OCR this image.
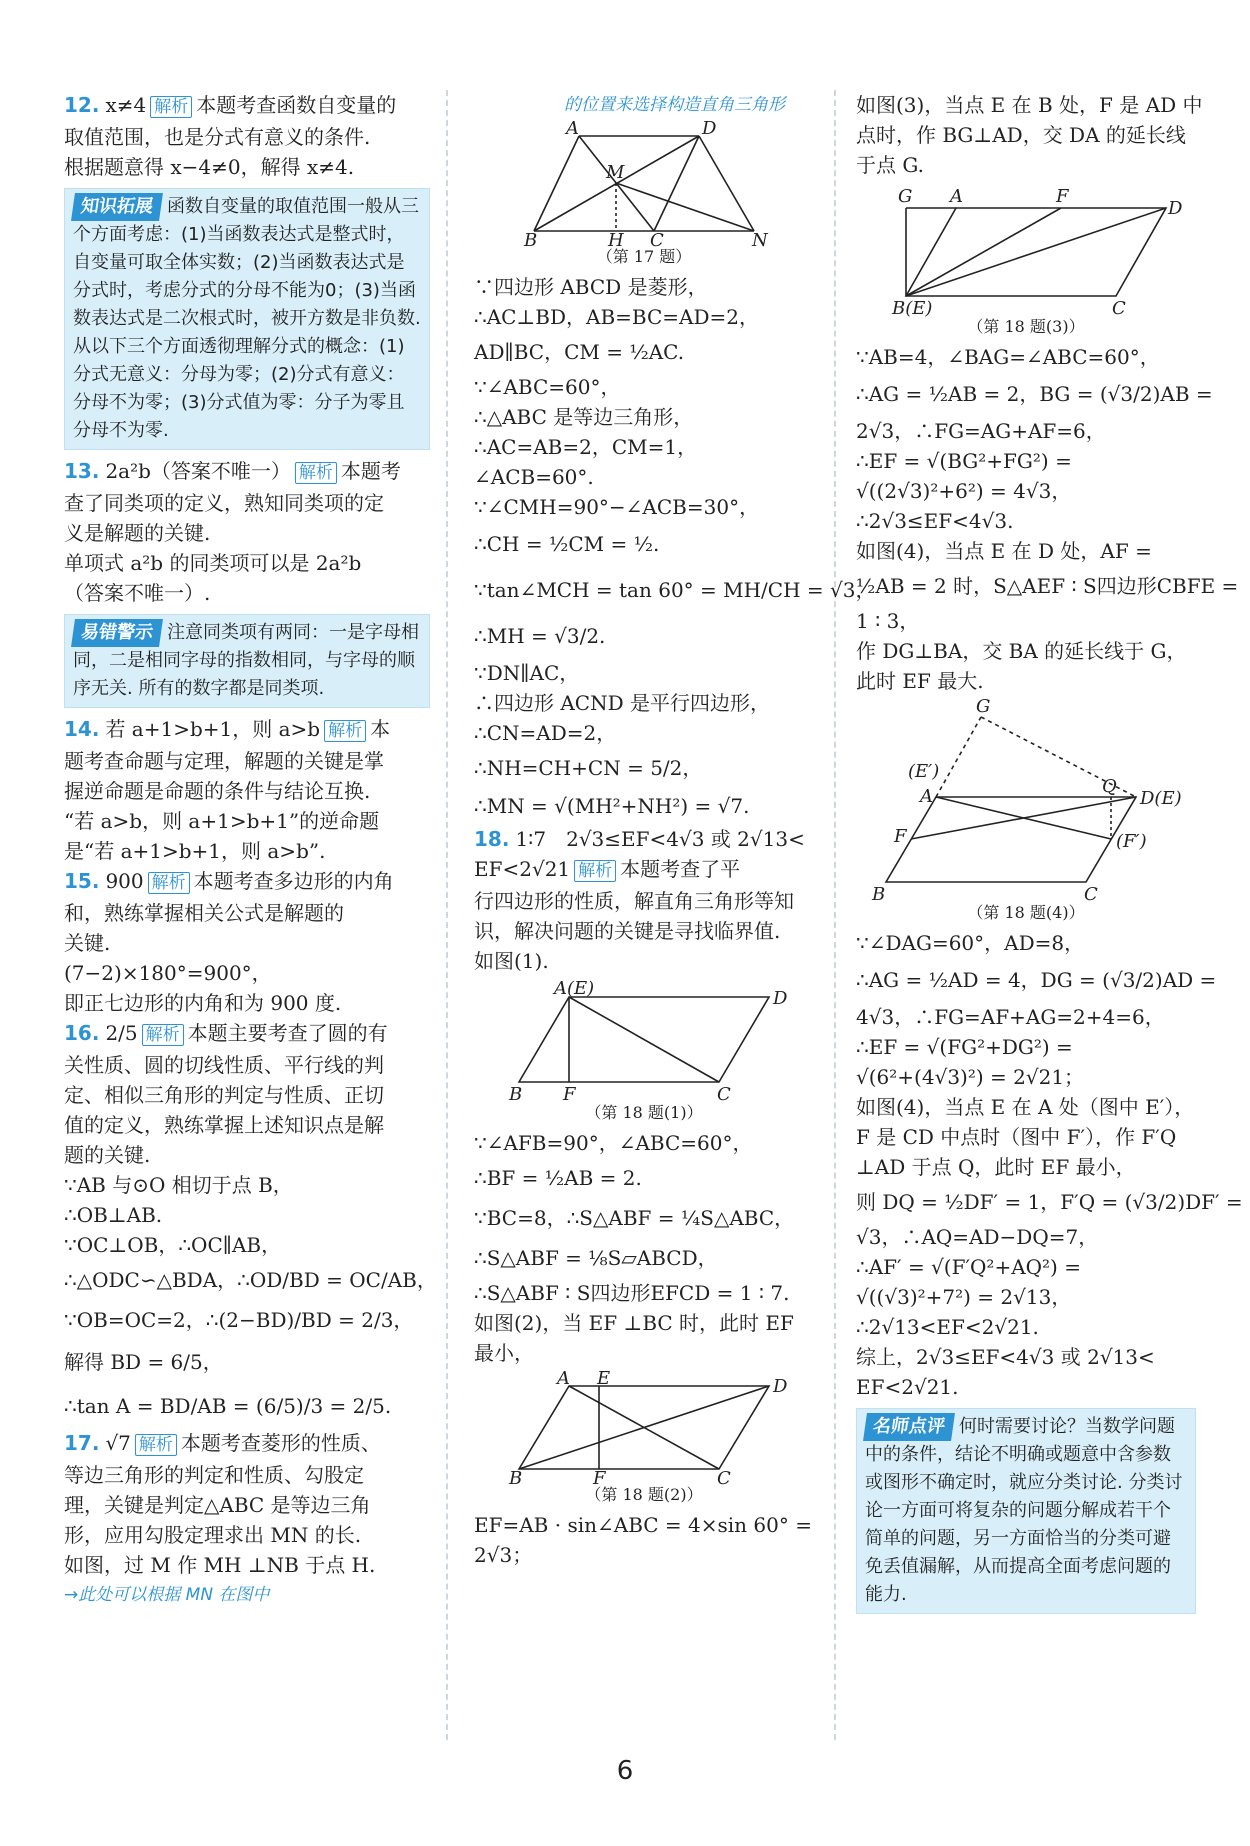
12. x≠4 解析 本题考查函数自变量的

取值范围，也是分式有意义的条件.

根据题意得 x−4≠0，解得 x≠4.

知识拓展 函数自变量的取值范围一般从三个方面考虑：(1)当函数表达式是整式时，自变量可取全体实数；(2)当函数表达式是分式时，考虑分式的分母不能为0；(3)当函数表达式是二次根式时，被开方数是非负数. 从以下三个方面透彻理解分式的概念：(1)分式无意义：分母为零；(2)分式有意义：分母不为零；(3)分式值为零：分子为零且分母不为零.

13. 2a²b（答案不唯一） 解析 本题考

查了同类项的定义，熟知同类项的定

义是解题的关键.

单项式 a²b 的同类项可以是 2a²b

（答案不唯一）.

易错警示 注意同类项有两同：一是字母相同，二是相同字母的指数相同，与字母的顺序无关. 所有的数字都是同类项.

14. 若 a+1>b+1，则 a>b 解析 本

题考查命题与定理，解题的关键是掌

握逆命题是命题的条件与结论互换.

“若 a>b，则 a+1>b+1”的逆命题

是“若 a+1>b+1，则 a>b”.

15. 900 解析 本题考查多边形的内角

和，熟练掌握相关公式是解题的

关键.

(7−2)×180°=900°，

即正七边形的内角和为 900 度.

16. 2/5 解析 本题主要考查了圆的有

关性质、圆的切线性质、平行线的判

定、相似三角形的判定与性质、正切

值的定义，熟练掌握上述知识点是解

题的关键.

∵AB 与⊙O 相切于点 B，

∴OB⊥AB.

∵OC⊥OB，∴OC∥AB，

∴△ODC∽△BDA，∴OD/BD = OC/AB，

∵OB=OC=2，∴(2−BD)/BD = 2/3，

解得 BD = 6/5，

∴tan A = BD/AB = (6/5)/3 = 2/5.

17. √7 解析 本题考查菱形的性质、

等边三角形的判定和性质、勾股定

理，关键是判定△ABC 是等边三角

形，应用勾股定理求出 MN 的长.

如图，过 M 作 MH ⊥NB 于点 H.

→此处可以根据 MN 在图中

的位置来选择构造直角三角形

A	D
M
B	H C	N

（第 17 题）

∵四边形 ABCD 是菱形，

∴AC⊥BD，AB=BC=AD=2，

AD∥BC，CM = ½AC.

∵∠ABC=60°，

∴△ABC 是等边三角形，

∴AC=AB=2，CM=1，

∠ACB=60°.

∵∠CMH=90°−∠ACB=30°，

∴CH = ½CM = ½.

∵tan∠MCH = tan 60° = MH/CH = √3，

∴MH = √3/2.

∵DN∥AC，

∴四边形 ACND 是平行四边形，

∴CN=AD=2，

∴NH=CH+CN = 5/2，

∴MN = √(MH²+NH²) = √7.

18. 1∶7　2√3≤EF<4√3 或 2√13<

EF<2√21 解析 本题考查了平

行四边形的性质，解直角三角形等知

识，解决问题的关键是寻找临界值.

如图(1).

A(E)	D
B F	C

（第 18 题(1)）

∵∠AFB=90°，∠ABC=60°，

∴BF = ½AB = 2.

∵BC=8，∴S△ABF = ¼S△ABC，

∴S△ABF = ⅛S▱ABCD，

∴S△ABF ∶ S四边形EFCD = 1 ∶ 7.

如图(2)，当 EF ⊥BC 时，此时 EF

最小，

A E	D
B	F	C

（第 18 题(2)）

EF=AB · sin∠ABC = 4×sin 60° =

2√3；

如图(3)，当点 E 在 B 处，F 是 AD 中

点时，作 BG⊥AD，交 DA 的延长线

于点 G.

G A	F
D
B(E)	C

（第 18 题(3)）

∵AB=4，∠BAG=∠ABC=60°，

∴AG = ½AB = 2，BG = (√3/2)AB =

2√3，∴FG=AG+AF=6，

∴EF = √(BG²+FG²) =

√((2√3)²+6²) = 4√3，

∴2√3≤EF<4√3.

如图(4)，当点 E 在 D 处，AF =

½AB = 2 时，S△AEF ∶ S四边形CBFE =

1 ∶ 3，

作 DG⊥BA，交 BA 的延长线于 G，

此时 EF 最大.

G
(E′)
A	Q
D(E)
F	(F′)
B	C

（第 18 题(4)）

∵∠DAG=60°，AD=8，

∴AG = ½AD = 4，DG = (√3/2)AD =

4√3，∴FG=AF+AG=2+4=6，

∴EF = √(FG²+DG²) =

√(6²+(4√3)²) = 2√21；

如图(4)，当点 E 在 A 处（图中 E′），

F 是 CD 中点时（图中 F′），作 F′Q

⊥AD 于点 Q，此时 EF 最小，

则 DQ = ½DF′ = 1，F′Q = (√3/2)DF′ =

√3，∴AQ=AD−DQ=7，

∴AF′ = √(F′Q²+AQ²) =

√((√3)²+7²) = 2√13，

∴2√13<EF<2√21.

综上，2√3≤EF<4√3 或 2√13<

EF<2√21.

名师点评 何时需要讨论？当数学问题中的条件，结论不明确或题意中含参数或图形不确定时，就应分类讨论. 分类讨论一方面可将复杂的问题分解成若干个简单的问题，另一方面恰当的分类可避免丢值漏解，从而提高全面考虑问题的能力.
6
